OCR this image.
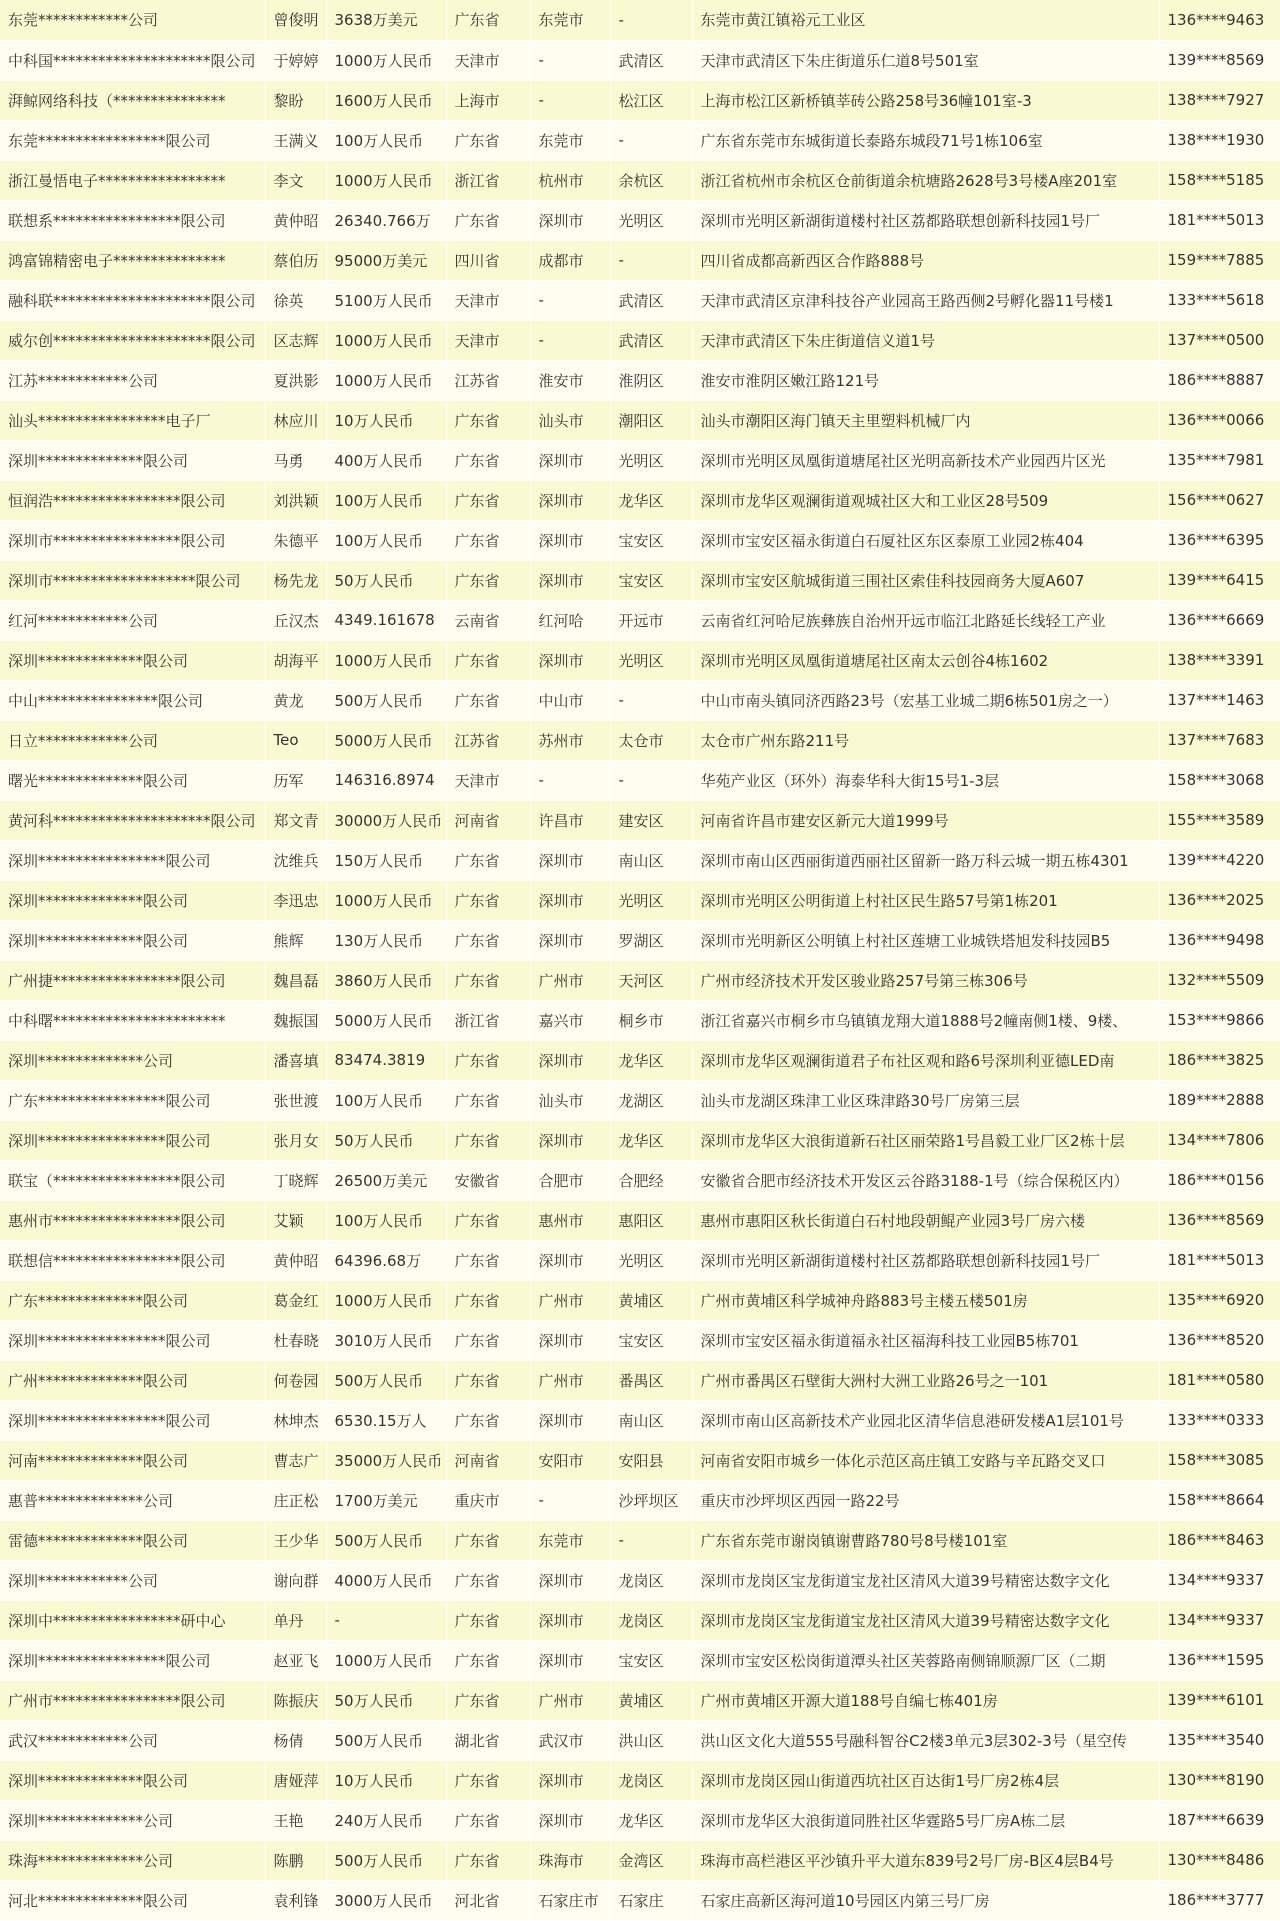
东莞************公司	曾俊明	3638万美元	广东省	东莞市	-	东莞市黄江镇裕元工业区	136****9463
中科国*********************限公司	于婷婷	1000万人民币	天津市	-	武清区	天津市武清区下朱庄街道乐仁道8号501室	139****8569
湃鲸网络科技（***************	黎盼	1600万人民币	上海市	-	松江区	上海市松江区新桥镇莘砖公路258号36幢101室-3	138****7927
东莞*****************限公司	王满义	100万人民币	广东省	东莞市	-	广东省东莞市东城街道长泰路东城段71号1栋106室	138****1930
浙江曼悟电子*****************	李文	1000万人民币	浙江省	杭州市	余杭区	浙江省杭州市余杭区仓前街道余杭塘路2628号3号楼A座201室	158****5185
联想系*****************限公司	黄仲昭	26340.766万	广东省	深圳市	光明区	深圳市光明区新湖街道楼村社区荔都路联想创新科技园1号厂	181****5013
鸿富锦精密电子***************	蔡伯历	95000万美元	四川省	成都市	-	四川省成都高新西区合作路888号	159****7885
融科联*********************限公司	徐英	5100万人民币	天津市	-	武清区	天津市武清区京津科技谷产业园高王路西侧2号孵化器11号楼1	133****5618
威尔创*********************限公司	区志辉	1000万人民币	天津市	-	武清区	天津市武清区下朱庄街道信义道1号	137****0500
江苏************公司	夏洪影	1000万人民币	江苏省	淮安市	淮阴区	淮安市淮阴区嫩江路121号	186****8887
汕头*****************电子厂	林应川	10万人民币	广东省	汕头市	潮阳区	汕头市潮阳区海门镇天主里塑料机械厂内	136****0066
深圳**************限公司	马勇	400万人民币	广东省	深圳市	光明区	深圳市光明区凤凰街道塘尾社区光明高新技术产业园西片区光	135****7981
恒润浩*****************限公司	刘洪颖	100万人民币	广东省	深圳市	龙华区	深圳市龙华区观澜街道观城社区大和工业区28号509	156****0627
深圳市*****************限公司	朱德平	100万人民币	广东省	深圳市	宝安区	深圳市宝安区福永街道白石厦社区东区泰原工业园2栋404	136****6395
深圳市*******************限公司	杨先龙	50万人民币	广东省	深圳市	宝安区	深圳市宝安区航城街道三围社区索佳科技园商务大厦A607	139****6415
红河************公司	丘汉杰	4349.161678	云南省	红河哈	开远市	云南省红河哈尼族彝族自治州开远市临江北路延长线轻工产业	136****6669
深圳**************限公司	胡海平	1000万人民币	广东省	深圳市	光明区	深圳市光明区凤凰街道塘尾社区南太云创谷4栋1602	138****3391
中山****************限公司	黄龙	500万人民币	广东省	中山市	-	中山市南头镇同济西路23号（宏基工业城二期6栋501房之一）	137****1463
日立************公司	Teo	5000万人民币	江苏省	苏州市	太仓市	太仓市广州东路211号	137****7683
曙光**************限公司	历军	146316.8974	天津市	-	-	华苑产业区（环外）海泰华科大街15号1-3层	158****3068
黄河科*********************限公司	郑文青	30000万人民币	河南省	许昌市	建安区	河南省许昌市建安区新元大道1999号	155****3589
深圳*****************限公司	沈维兵	150万人民币	广东省	深圳市	南山区	深圳市南山区西丽街道西丽社区留新一路万科云城一期五栋4301	139****4220
深圳**************限公司	李迅忠	1000万人民币	广东省	深圳市	光明区	深圳市光明区公明街道上村社区民生路57号第1栋201	136****2025
深圳**************限公司	熊辉	130万人民币	广东省	深圳市	罗湖区	深圳市光明新区公明镇上村社区莲塘工业城铁塔旭发科技园B5	136****9498
广州捷*****************限公司	魏昌磊	3860万人民币	广东省	广州市	天河区	广州市经济技术开发区骏业路257号第三栋306号	132****5509
中科曙***********************	魏振国	5000万人民币	浙江省	嘉兴市	桐乡市	浙江省嘉兴市桐乡市乌镇镇龙翔大道1888号2幢南侧1楼、9楼、	153****9866
深圳**************公司	潘喜填	83474.3819	广东省	深圳市	龙华区	深圳市龙华区观澜街道君子布社区观和路6号深圳利亚德LED南	186****3825
广东*****************限公司	张世渡	100万人民币	广东省	汕头市	龙湖区	汕头市龙湖区珠津工业区珠津路30号厂房第三层	189****2888
深圳*****************限公司	张月女	50万人民币	广东省	深圳市	龙华区	深圳市龙华区大浪街道新石社区丽荣路1号昌毅工业厂区2栋十层	134****7806
联宝（*****************限公司	丁晓辉	26500万美元	安徽省	合肥市	合肥经	安徽省合肥市经济技术开发区云谷路3188-1号（综合保税区内）	186****0156
惠州市*****************限公司	艾颖	100万人民币	广东省	惠州市	惠阳区	惠州市惠阳区秋长街道白石村地段朝鲲产业园3号厂房六楼	136****8569
联想信*****************限公司	黄仲昭	64396.68万	广东省	深圳市	光明区	深圳市光明区新湖街道楼村社区荔都路联想创新科技园1号厂	181****5013
广东**************限公司	葛金红	1000万人民币	广东省	广州市	黄埔区	广州市黄埔区科学城神舟路883号主楼五楼501房	135****6920
深圳*****************限公司	杜春晓	3010万人民币	广东省	深圳市	宝安区	深圳市宝安区福永街道福永社区福海科技工业园B5栋701	136****8520
广州**************限公司	何卷园	500万人民币	广东省	广州市	番禺区	广州市番禺区石壁街大洲村大洲工业路26号之一101	181****0580
深圳*****************限公司	林坤杰	6530.15万人	广东省	深圳市	南山区	深圳市南山区高新技术产业园北区清华信息港研发楼A1层101号	133****0333
河南**************限公司	曹志广	35000万人民币	河南省	安阳市	安阳县	河南省安阳市城乡一体化示范区高庄镇工安路与辛瓦路交叉口	158****3085
惠普**************公司	庄正松	1700万美元	重庆市	-	沙坪坝区	重庆市沙坪坝区西园一路22号	158****8664
雷德**************限公司	王少华	500万人民币	广东省	东莞市	-	广东省东莞市谢岗镇谢曹路780号8号楼101室	186****8463
深圳************公司	谢向群	4000万人民币	广东省	深圳市	龙岗区	深圳市龙岗区宝龙街道宝龙社区清风大道39号精密达数字文化	134****9337
深圳中*****************研中心	单丹	-	广东省	深圳市	龙岗区	深圳市龙岗区宝龙街道宝龙社区清风大道39号精密达数字文化	134****9337
深圳*****************限公司	赵亚飞	1000万人民币	广东省	深圳市	宝安区	深圳市宝安区松岗街道潭头社区芙蓉路南侧锦顺源厂区（二期	136****1595
广州市*****************限公司	陈振庆	50万人民币	广东省	广州市	黄埔区	广州市黄埔区开源大道188号自编七栋401房	139****6101
武汉************公司	杨倩	500万人民币	湖北省	武汉市	洪山区	洪山区文化大道555号融科智谷C2楼3单元3层302-3号（星空传	135****3540
深圳**************限公司	唐娅萍	10万人民币	广东省	深圳市	龙岗区	深圳市龙岗区园山街道西坑社区百达街1号厂房2栋4层	130****8190
深圳**************公司	王艳	240万人民币	广东省	深圳市	龙华区	深圳市龙华区大浪街道同胜社区华霆路5号厂房A栋二层	187****6639
珠海**************公司	陈鹏	500万人民币	广东省	珠海市	金湾区	珠海市高栏港区平沙镇升平大道东839号2号厂房-B区4层B4号	130****8486
河北**************限公司	袁利锋	3000万人民币	河北省	石家庄市	石家庄	石家庄高新区海河道10号园区内第三号厂房	186****3777
